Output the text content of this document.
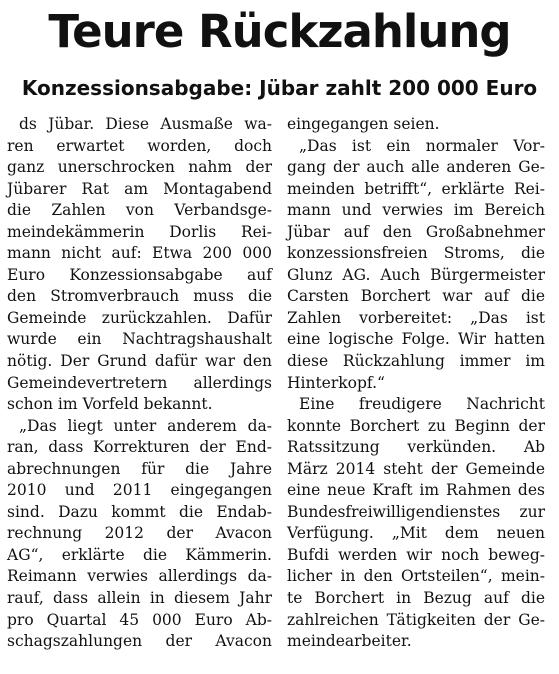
Teure Rückzahlung
Konzessionsabgabe: Jübar zahlt 200 000 Euro

ds Jübar. Diese Ausmaße wa-
ren erwartet worden, doch
ganz unerschrocken nahm der
Jübarer Rat am Montagabend
die Zahlen von Verbandsge-
meindekämmerin Dorlis Rei-
mann nicht auf: Etwa 200 000
Euro Konzessionsabgabe auf
den Stromverbrauch muss die
Gemeinde zurückzahlen. Dafür
wurde ein Nachtragshaushalt
nötig. Der Grund dafür war den
Gemeindevertretern allerdings
schon im Vorfeld bekannt.

„Das liegt unter anderem da-
ran, dass Korrekturen der End-
abrechnungen für die Jahre
2010 und 2011 eingegangen
sind. Dazu kommt die Endab-
rechnung 2012 der Avacon
AG“, erklärte die Kämmerin.
Reimann verwies allerdings da-
rauf, dass allein in diesem Jahr
pro Quartal 45 000 Euro Ab-
schagszahlungen der Avacon

eingegangen seien.

„Das ist ein normaler Vor-
gang der auch alle anderen Ge-
meinden betrifft“, erklärte Rei-
mann und verwies im Bereich
Jübar auf den Großabnehmer
konzessionsfreien Stroms, die
Glunz AG. Auch Bürgermeister
Carsten Borchert war auf die
Zahlen vorbereitet: „Das ist
eine logische Folge. Wir hatten
diese Rückzahlung immer im
Hinterkopf.“

Eine freudigere Nachricht
konnte Borchert zu Beginn der
Ratssitzung verkünden. Ab
März 2014 steht der Gemeinde
eine neue Kraft im Rahmen des
Bundesfreiwilligendienstes zur
Verfügung. „Mit dem neuen
Bufdi werden wir noch beweg-
licher in den Ortsteilen“, mein-
te Borchert in Bezug auf die
zahlreichen Tätigkeiten der Ge-
meindearbeiter.
